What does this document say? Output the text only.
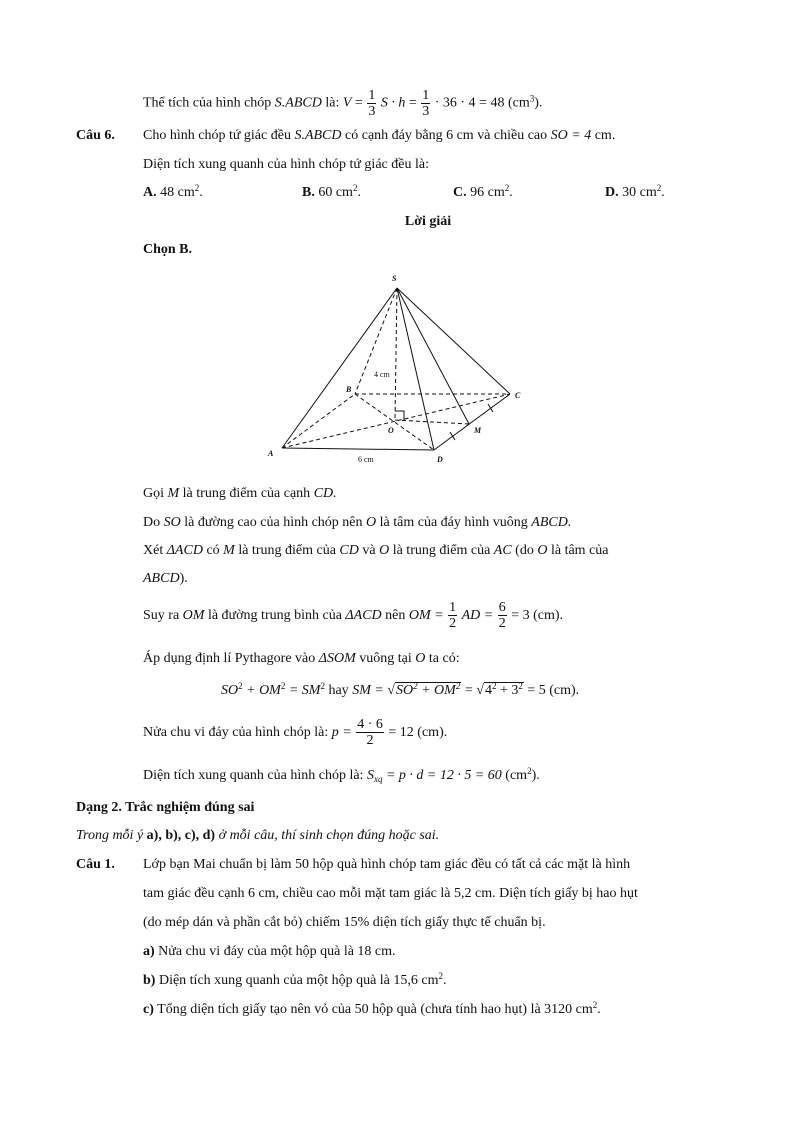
Thể tích của hình chóp S.ABCD là: $V = \frac{1}{3}$ $S \cdot h = \frac{1}{3} \cdot 36 \cdot 4 = 48$ $(cm^3)$.
Câu 6. Cho hình chóp tứ giác đều S.ABCD có cạnh đáy bằng 6 cm và chiều cao SO = 4 cm.
Diện tích xung quanh của hình chóp tứ giác đều là:
A. 48 $cm^2$.	B. 60 $cm^2$.	C. 96 $cm^2$.	D. 30 $cm^2$.
Lời giải
Chọn B.
S
A
B
C
D
O	M
4 cm
6 cm
Gọi M là trung điểm của cạnh CD.
Do SO là đường cao của hình chóp nên O là tâm của đáy hình vuông ABCD.
Xét ΔACD có M là trung điểm của CD và O là trung điểm của AC (do O là tâm của
ABCD).
Suy ra OM là đường trung bình của ΔACD nên OM = $\frac{1}{2}$ AD = $\frac{6}{2} = 3$ (cm).
Áp dụng định lí Pythagore vào ΔSOM vuông tại O ta có:
$SO^2 + OM^2 = SM^2$ hay SM = $√SO^2 + OM^2 = √4^2 + 3^2 = 5$ (cm).
Nửa chu vi đáy của hình chóp là: $p = \frac{4 \cdot 6}{2} = 12$ (cm).
Diện tích xung quanh của hình chóp là: $S_{xq} = p \cdot d = 12 \cdot 5 = 60$ $(cm^2)$.
Dạng 2. Trắc nghiệm đúng sai
Trong mỗi ý a), b), c), d) ở mỗi câu, thí sinh chọn đúng hoặc sai.
Câu 1. Lớp bạn Mai chuẩn bị làm 50 hộp quà hình chóp tam giác đều có tất cả các mặt là hình
tam giác đều cạnh 6 cm, chiều cao mỗi mặt tam giác là 5,2 cm. Diện tích giấy bị hao hụt
(do mép dán và phần cắt bỏ) chiếm 15% diện tích giấy thực tế chuẩn bị.
a) Nửa chu vi đáy của một hộp quà là 18 cm.
b) Diện tích xung quanh của một hộp quà là 15,6 $cm^2$.
c) Tổng diện tích giấy tạo nên vỏ của 50 hộp quà (chưa tính hao hụt) là 3120 $cm^2$.
